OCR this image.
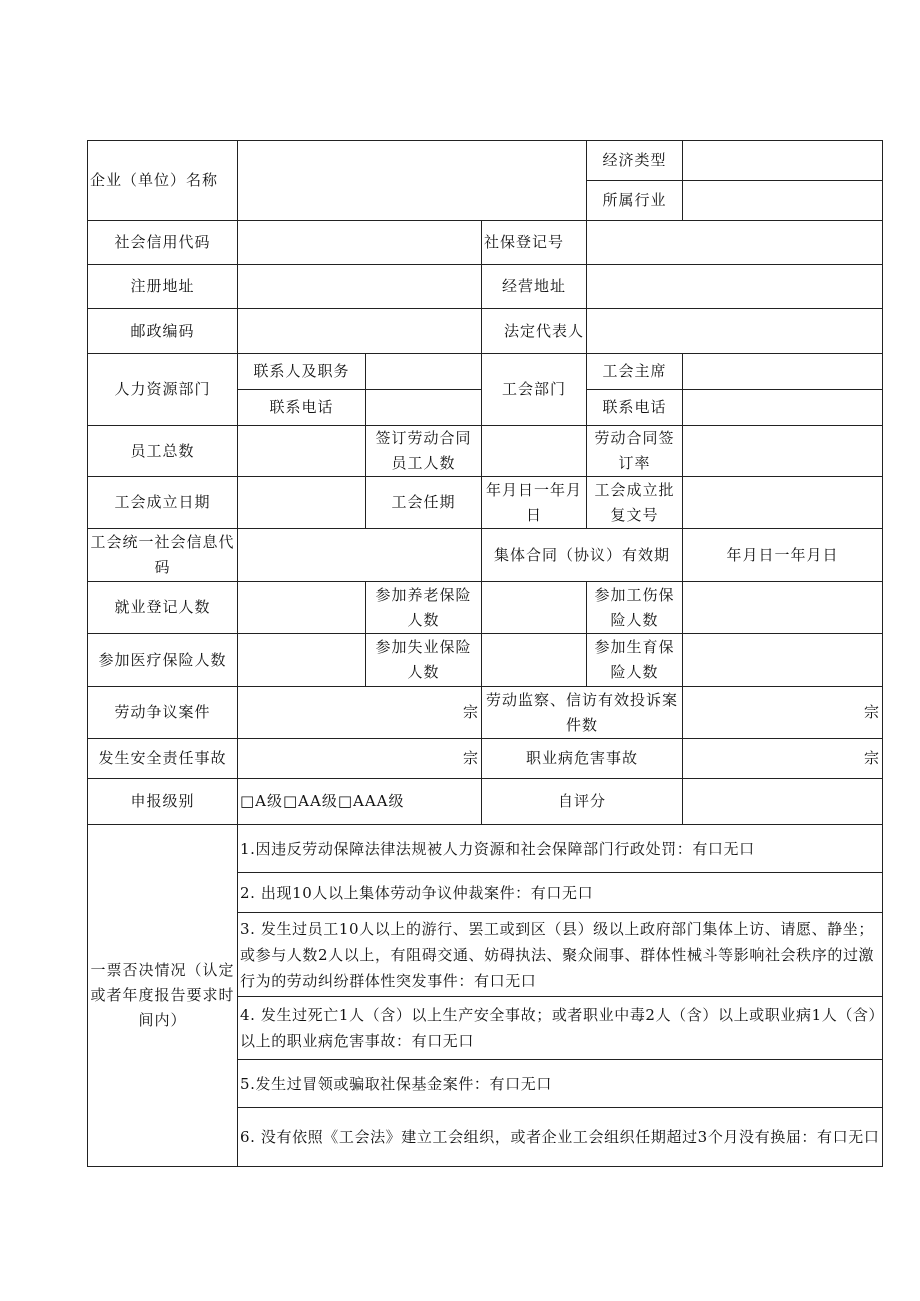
企业（单位）名称				经济类型	
				所属行业	
社会信用代码			社保登记号		
注册地址			经营地址		
邮政编码			法定代表人		
人力资源部门	联系人及职务		工会部门	工会主席	
	联系电话			联系电话	
员工总数		签订劳动合同员工人数		劳动合同签订率	
工会成立日期		工会任期	年月日一年月日	工会成立批复文号	
工会统一社会信息代码			集体合同（协议）有效期		年月日一年月日
就业登记人数		参加养老保险人数		参加工伤保险人数	
参加医疗保险人数		参加失业保险人数		参加生育保险人数	
劳动争议案件	宗		劳动监察、信访有效投诉案件数		宗
发生安全责任事故	宗		职业病危害事故		宗
申报级别	□A级□AA级□AAA级		自评分		
一票否决情况（认定或者年度报告要求时间内）	1.因违反劳动保障法律法规被人力资源和社会保障部门行政处罚：有口无口				
	2. 出现10人以上集体劳动争议仲裁案件：有口无口				
	3. 发生过员工10人以上的游行、罢工或到区（县）级以上政府部门集体上访、请愿、静坐；或参与人数2人以上，有阻碍交通、妨碍执法、聚众闹事、群体性械斗等影响社会秩序的过激行为的劳动纠纷群体性突发事件：有口无口				
	4. 发生过死亡1人（含）以上生产安全事故；或者职业中毒2人（含）以上或职业病1人（含）以上的职业病危害事故：有口无口				
	5.发生过冒领或骗取社保基金案件：有口无口				
	6. 没有依照《工会法》建立工会组织，或者企业工会组织任期超过3个月没有换届：有口无口				
